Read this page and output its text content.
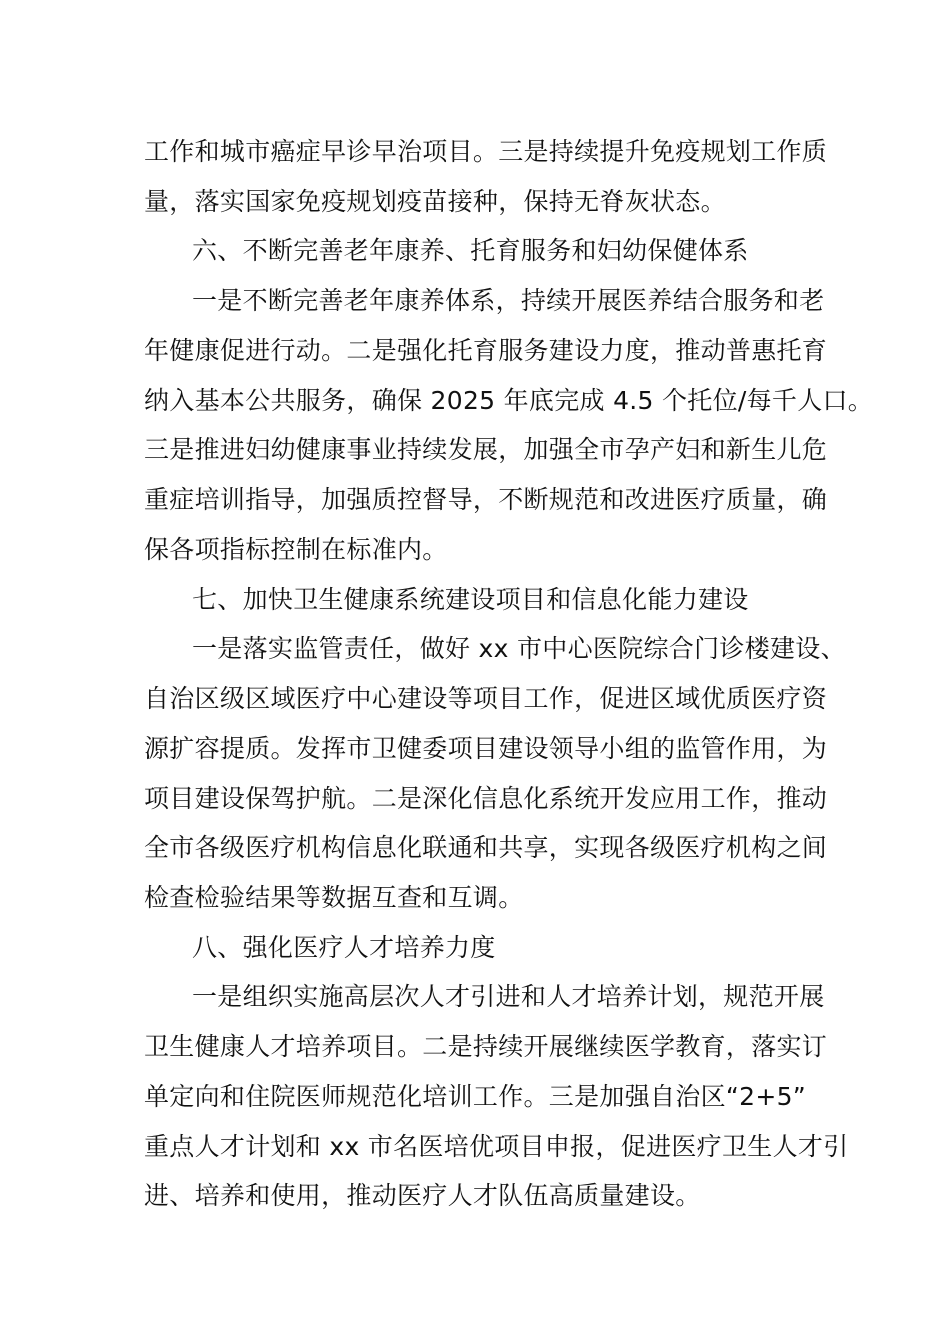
工作和城市癌症早诊早治项目。三是持续提升免疫规划工作质
量，落实国家免疫规划疫苗接种，保持无脊灰状态。
六、不断完善老年康养、托育服务和妇幼保健体系
一是不断完善老年康养体系，持续开展医养结合服务和老
年健康促进行动。二是强化托育服务建设力度，推动普惠托育
纳入基本公共服务，确保 2025 年底完成 4.5 个托位/每千人口。
三是推进妇幼健康事业持续发展，加强全市孕产妇和新生儿危
重症培训指导，加强质控督导，不断规范和改进医疗质量，确
保各项指标控制在标准内。
七、加快卫生健康系统建设项目和信息化能力建设
一是落实监管责任，做好 xx 市中心医院综合门诊楼建设、
自治区级区域医疗中心建设等项目工作，促进区域优质医疗资
源扩容提质。发挥市卫健委项目建设领导小组的监管作用，为
项目建设保驾护航。二是深化信息化系统开发应用工作，推动
全市各级医疗机构信息化联通和共享，实现各级医疗机构之间
检查检验结果等数据互查和互调。
八、强化医疗人才培养力度
一是组织实施高层次人才引进和人才培养计划，规范开展
卫生健康人才培养项目。二是持续开展继续医学教育，落实订
单定向和住院医师规范化培训工作。三是加强自治区“2+5”
重点人才计划和 xx 市名医培优项目申报，促进医疗卫生人才引
进、培养和使用，推动医疗人才队伍高质量建设。
